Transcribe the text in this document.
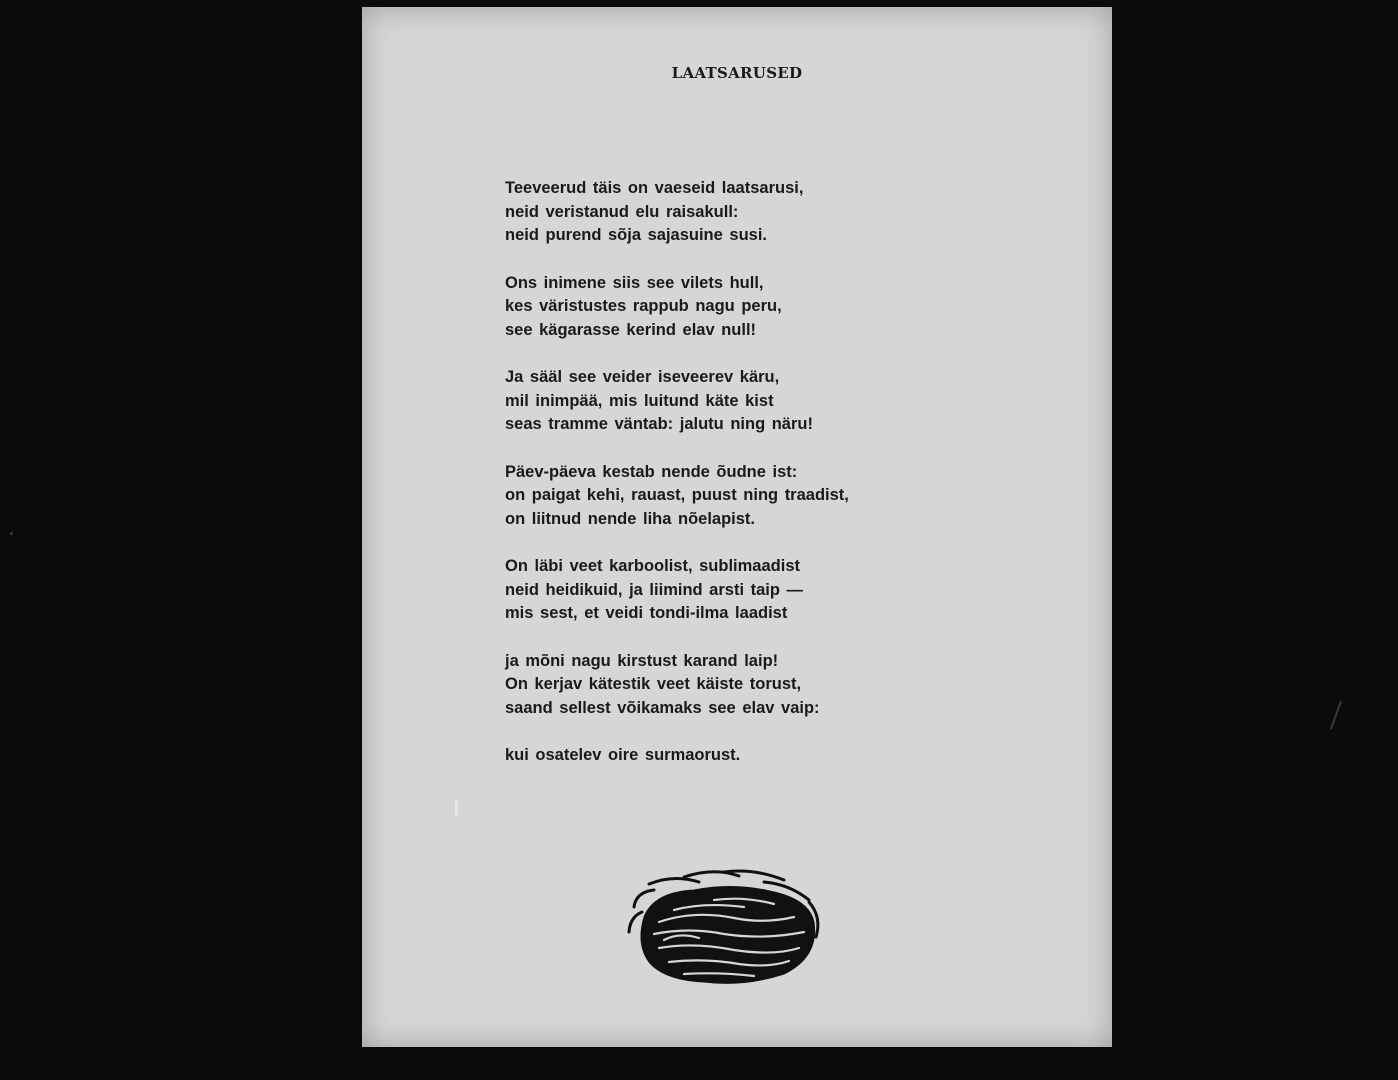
LAATSARUSED
Teeveerud täis on vaeseid laatsarusi,
neid veristanud elu raisakull:
neid purend sõja sajasuine susi.
Ons inimene siis see vilets hull,
kes väristustes rappub nagu peru,
see kägarasse kerind elav null!
Ja sääl see veider iseveerev käru,
mil inimpää, mis luitund käte kist
seas tramme väntab: jalutu ning näru!
Päev-päeva kestab nende õudne ist:
on paigat kehi, rauast, puust ning traadist,
on liitnud nende liha nõelapist.
On läbi veet karboolist, sublimaadist
neid heidikuid, ja liimind arsti taip —
mis sest, et veidi tondi-ilma laadist
ja mõni nagu kirstust karand laip!
On kerjav kätestik veet käiste torust,
saand sellest võikamaks see elav vaip:
kui osatelev oire surmaorust.
